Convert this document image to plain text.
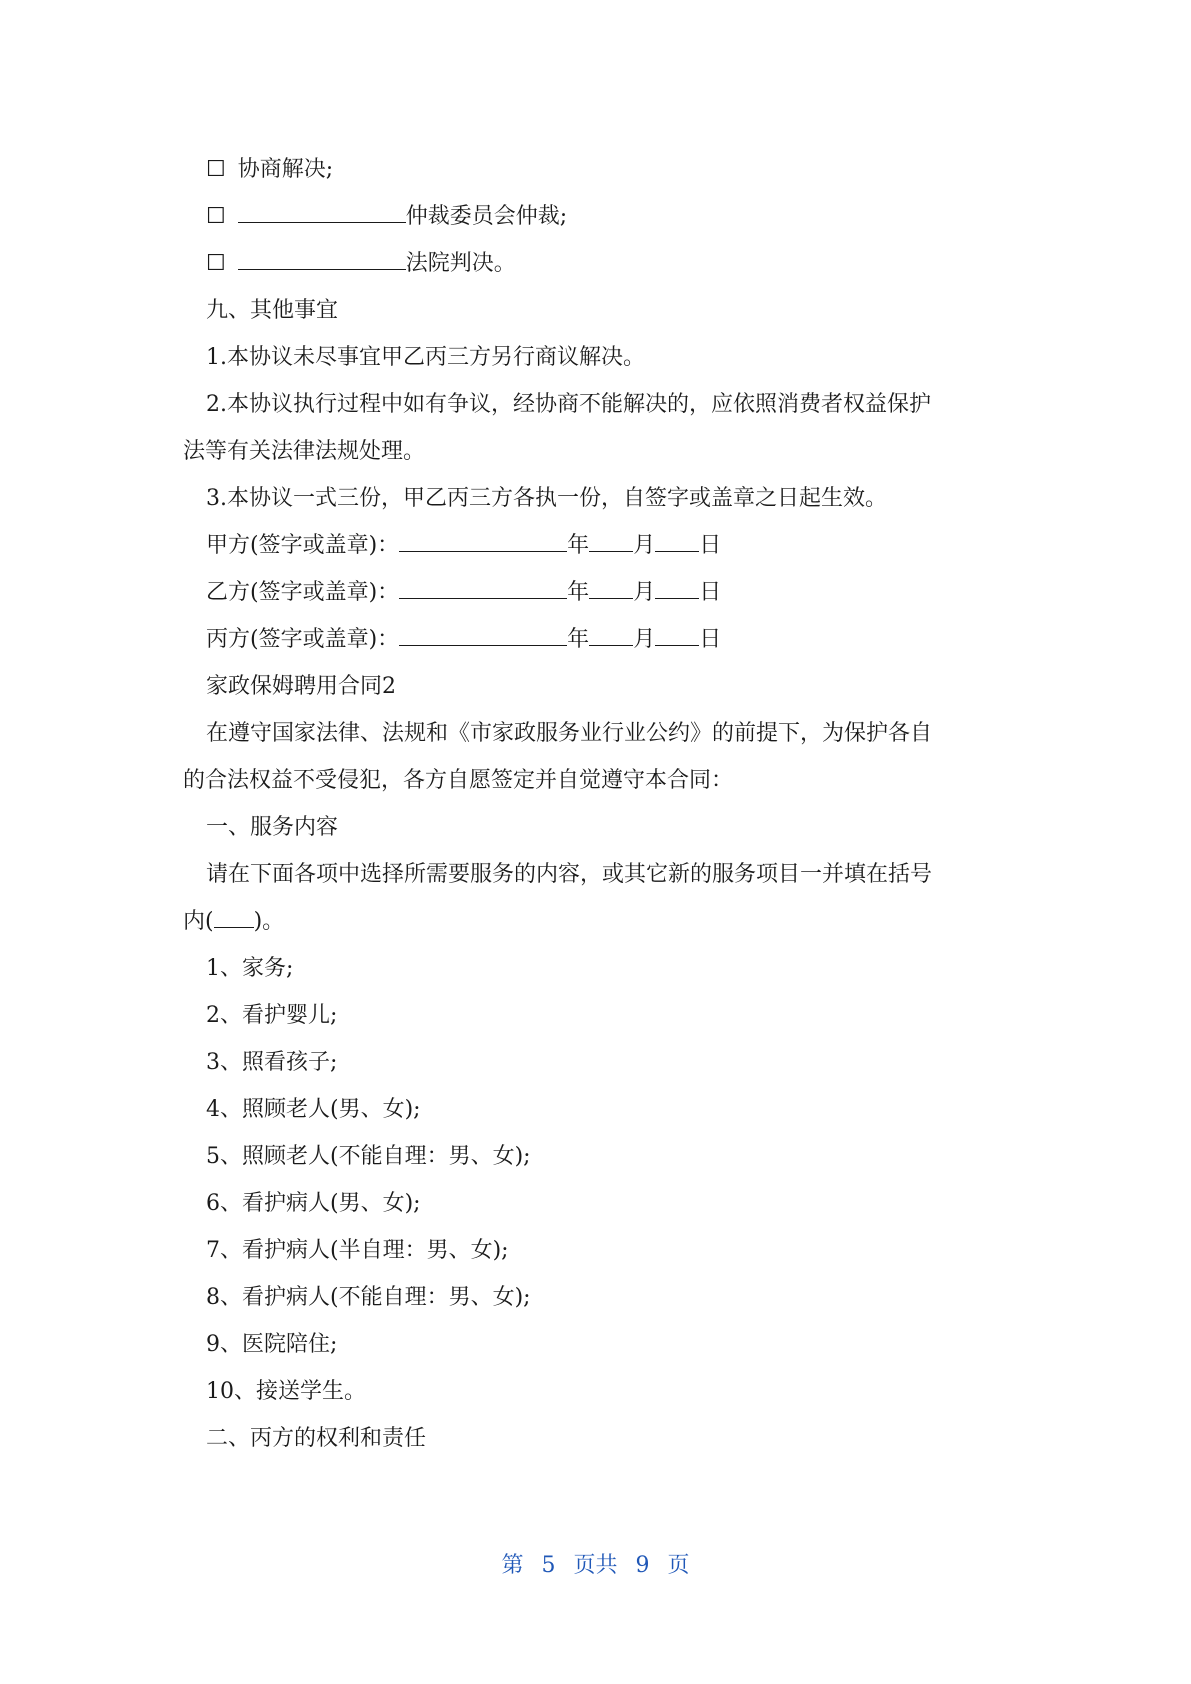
☐ 协商解决;
☐	仲裁委员会仲裁;
☐	法院判决。
九、其他事宜
1.本协议未尽事宜甲乙丙三方另行商议解决。
2.本协议执行过程中如有争议，经协商不能解决的，应依照消费者权益保护
法等有关法律法规处理。
3.本协议一式三份，甲乙丙三方各执一份，自签字或盖章之日起生效。
甲方(签字或盖章)：	年 月 日
乙方(签字或盖章)：	年 月 日
丙方(签字或盖章)：	年 月 日
家政保姆聘用合同2
在遵守国家法律、法规和《市家政服务业行业公约》的前提下，为保护各自
的合法权益不受侵犯，各方自愿签定并自觉遵守本合同：
一、服务内容
请在下面各项中选择所需要服务的内容，或其它新的服务项目一并填在括号
内( )。
1、家务;
2、看护婴儿;
3、照看孩子;
4、照顾老人(男、女);
5、照顾老人(不能自理：男、女);
6、看护病人(男、女);
7、看护病人(半自理：男、女);
8、看护病人(不能自理：男、女);
9、医院陪住;
10、接送学生。
二、丙方的权利和责任
第 5 页共 9 页
